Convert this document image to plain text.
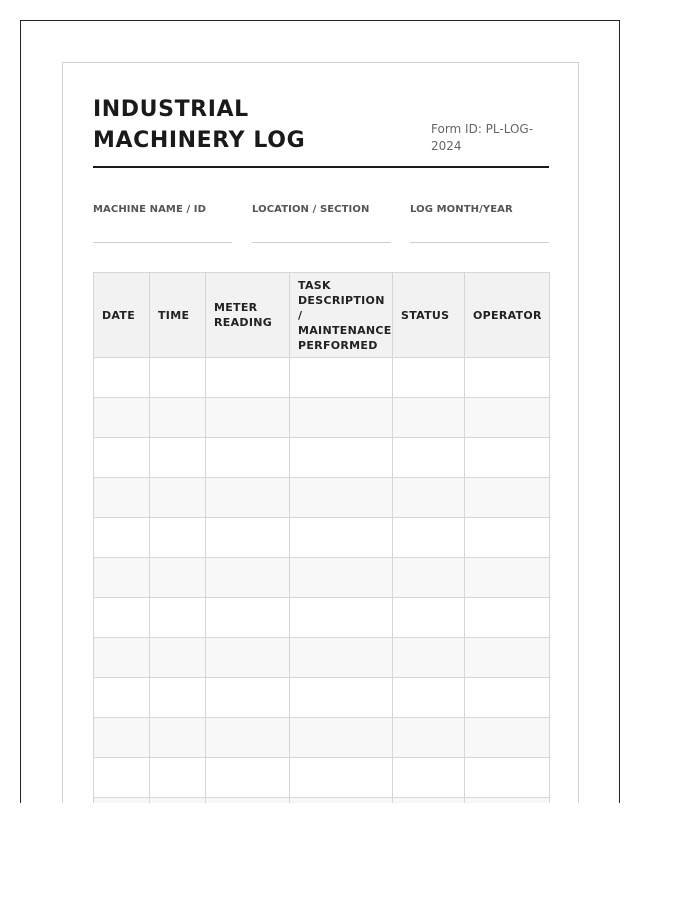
INDUSTRIAL MACHINERY LOG	Form ID: PL-LOG-2024
MACHINE NAME / ID	LOCATION / SECTION	LOG MONTH/YEAR
DATE	TIME	METER READING	TASK DESCRIPTION / MAINTENANCE PERFORMED	STATUS	OPERATOR
